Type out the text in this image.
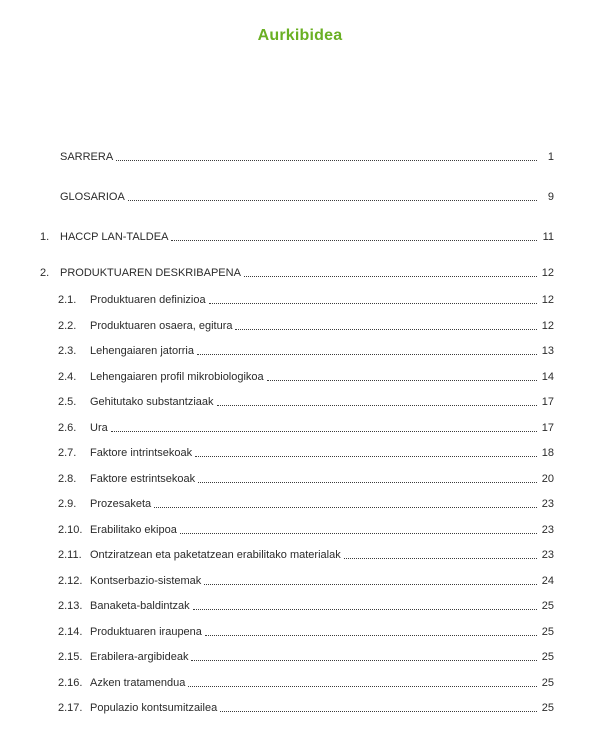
Aurkibidea
SARRERA	1
GLOSARIOA	9
1. HACCP LAN-TALDEA	11
2. PRODUKTUAREN DESKRIBAPENA	12
2.1.	Produktuaren definizioa	12
2.2.	Produktuaren osaera, egitura	12
2.3.	Lehengaiaren jatorria	13
2.4.	Lehengaiaren profil mikrobiologikoa	14
2.5.	Gehitutako substantziaak	17
2.6.	Ura	17
2.7.	Faktore intrintsekoak	18
2.8.	Faktore estrintsekoak	20
2.9.	Prozesaketa	23
2.10. Erabilitako ekipoa	23
2.11. Ontziratzean eta paketatzean erabilitako materialak	23
2.12. Kontserbazio-sistemak	24
2.13. Banaketa-baldintzak	25
2.14. Produktuaren iraupena	25
2.15. Erabilera-argibideak	25
2.16. Azken tratamendua	25
2.17. Populazio kontsumitzailea	25
